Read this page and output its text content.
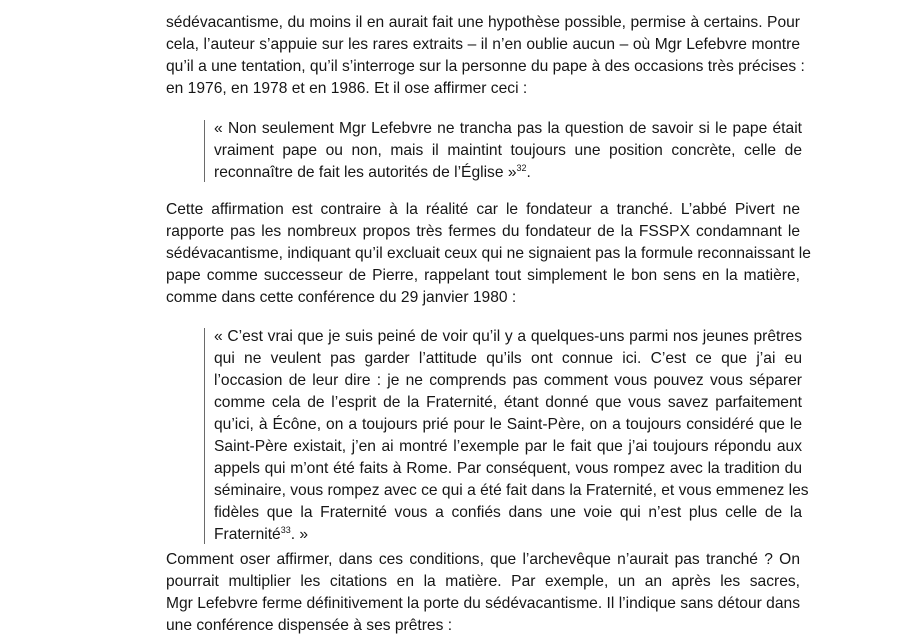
sédévacantisme, du moins il en aurait fait une hypothèse possible, permise à certains. Pour
cela, l’auteur s’appuie sur les rares extraits – il n’en oublie aucun – où Mgr Lefebvre montre
qu’il a une tentation, qu’il s’interroge sur la personne du pape à des occasions très précises :
en 1976, en 1978 et en 1986. Et il ose affirmer ceci :
« Non seulement Mgr Lefebvre ne trancha pas la question de savoir si le pape était
vraiment pape ou non, mais il maintint toujours une position concrète, celle de
reconnaître de fait les autorités de l’Église »$^{32}$.
Cette affirmation est contraire à la réalité car le fondateur a tranché. L’abbé Pivert ne
rapporte pas les nombreux propos très fermes du fondateur de la FSSPX condamnant le
sédévacantisme, indiquant qu’il excluait ceux qui ne signaient pas la formule reconnaissant le
pape comme successeur de Pierre, rappelant tout simplement le bon sens en la matière,
comme dans cette conférence du 29 janvier 1980 :
« C’est vrai que je suis peiné de voir qu’il y a quelques-uns parmi nos jeunes prêtres
qui ne veulent pas garder l’attitude qu’ils ont connue ici. C’est ce que j’ai eu
l’occasion de leur dire : je ne comprends pas comment vous pouvez vous séparer
comme cela de l’esprit de la Fraternité, étant donné que vous savez parfaitement
qu’ici, à Écône, on a toujours prié pour le Saint-Père, on a toujours considéré que le
Saint-Père existait, j’en ai montré l’exemple par le fait que j’ai toujours répondu aux
appels qui m’ont été faits à Rome. Par conséquent, vous rompez avec la tradition du
séminaire, vous rompez avec ce qui a été fait dans la Fraternité, et vous emmenez les
fidèles que la Fraternité vous a confiés dans une voie qui n’est plus celle de la
Fraternité$^{33}$. »
Comment oser affirmer, dans ces conditions, que l’archevêque n’aurait pas tranché ? On
pourrait multiplier les citations en la matière. Par exemple, un an après les sacres,
Mgr Lefebvre ferme définitivement la porte du sédévacantisme. Il l’indique sans détour dans
une conférence dispensée à ses prêtres :
